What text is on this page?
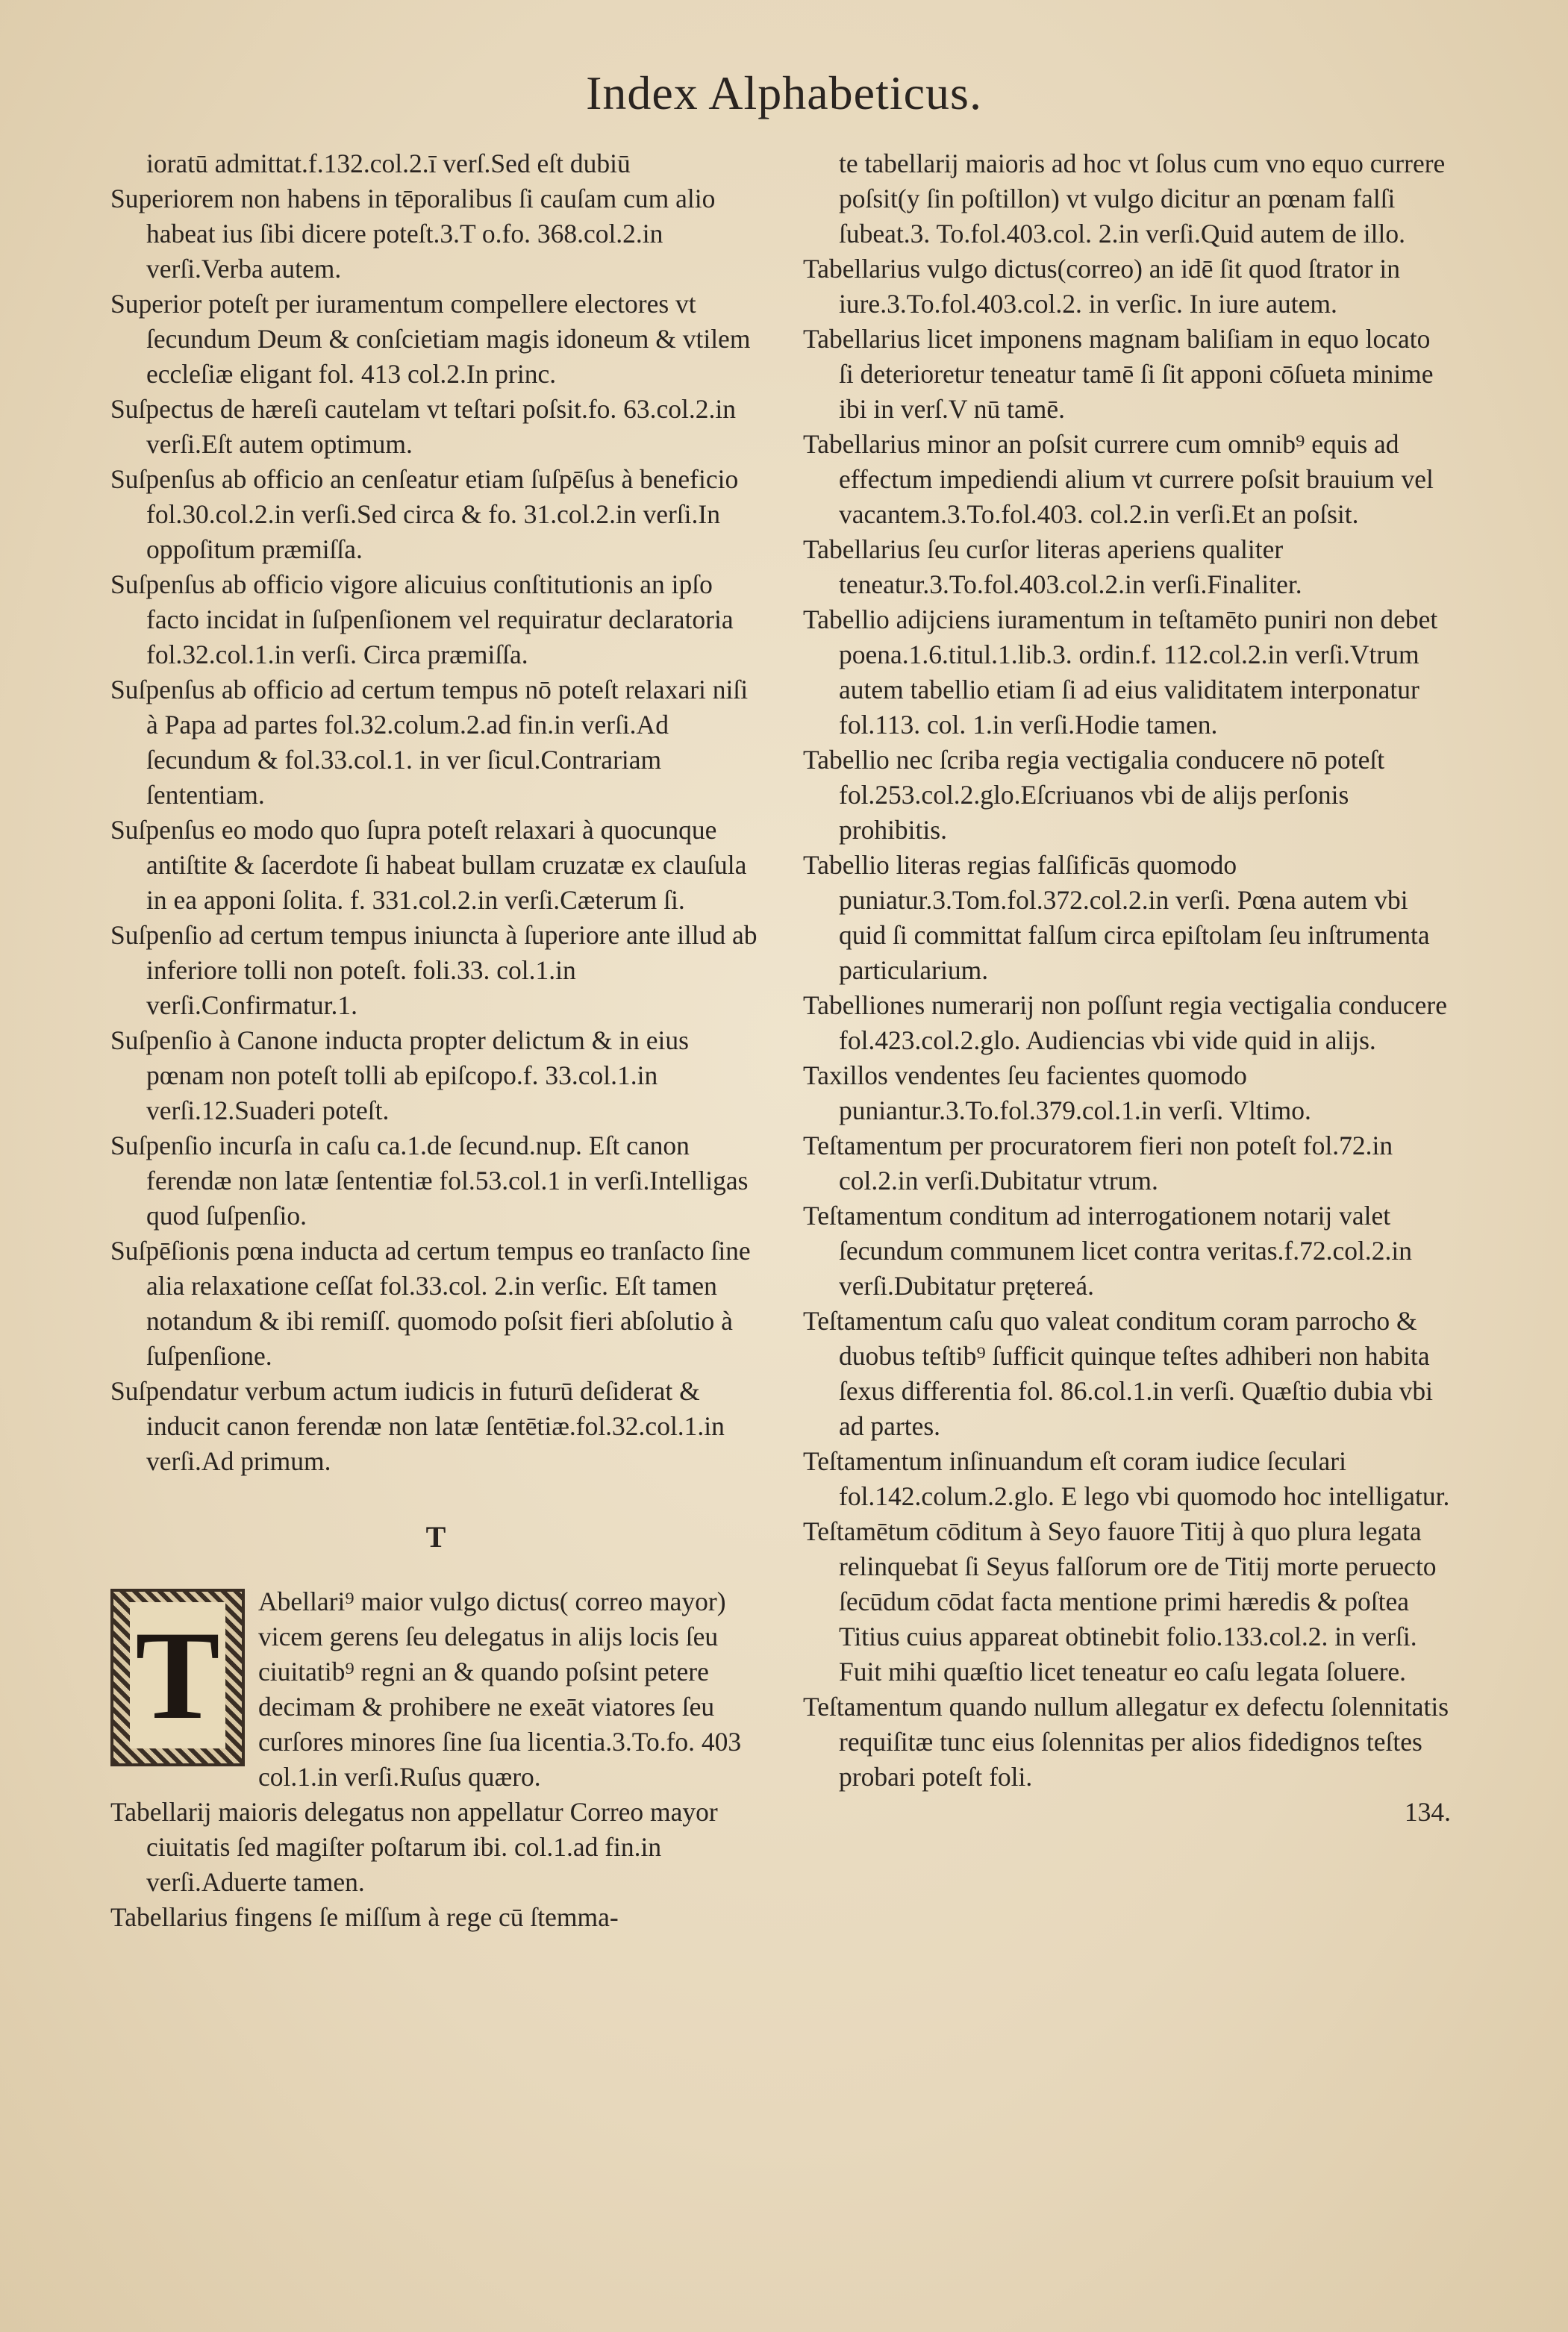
Index Alphabeticus.

ioratū admittat.f.132.col.2.ī verſ.Sed eſt dubiū

Superiorem non habens in tēporalibus ſi cauſam cum alio habeat ius ſibi dicere poteſt.3.T o.fo. 368.col.2.in verſi.Verba autem.

Superior poteſt per iuramentum compellere electores vt ſecundum Deum & conſcietiam magis idoneum & vtilem eccleſiæ eligant fol. 413 col.2.In princ.

Suſpectus de hæreſi cautelam vt teſtari poſsit.fo. 63.col.2.in verſi.Eſt autem optimum.

Suſpenſus ab officio an cenſeatur etiam ſuſpēſus à beneficio fol.30.col.2.in verſi.Sed circa & fo. 31.col.2.in verſi.In oppoſitum præmiſſa.

Suſpenſus ab officio vigore alicuius conſtitutionis an ipſo facto incidat in ſuſpenſionem vel requiratur declaratoria fol.32.col.1.in verſi. Circa præmiſſa.

Suſpenſus ab officio ad certum tempus nō poteſt relaxari niſi à Papa ad partes fol.32.colum.2.ad fin.in verſi.Ad ſecundum & fol.33.col.1. in ver ſicul.Contrariam ſententiam.

Suſpenſus eo modo quo ſupra poteſt relaxari à quocunque antiſtite & ſacerdote ſi habeat bullam cruzatæ ex clauſula in ea apponi ſolita. f. 331.col.2.in verſi.Cæterum ſi.

Suſpenſio ad certum tempus iniuncta à ſuperiore ante illud ab inferiore tolli non poteſt. foli.33. col.1.in verſi.Confirmatur.1.

Suſpenſio à Canone inducta propter delictum & in eius pœnam non poteſt tolli ab epiſcopo.f. 33.col.1.in verſi.12.Suaderi poteſt.

Suſpenſio incurſa in caſu ca.1.de ſecund.nup. Eſt canon ferendæ non latæ ſententiæ fol.53.col.1 in verſi.Intelligas quod ſuſpenſio.

Suſpēſionis pœna inducta ad certum tempus eo tranſacto ſine alia relaxatione ceſſat fol.33.col. 2.in verſic. Eſt tamen notandum & ibi remiſſ. quomodo poſsit fieri abſolutio à ſuſpenſione.

Suſpendatur verbum actum iudicis in futurū deſiderat & inducit canon ferendæ non latæ ſentētiæ.fol.32.col.1.in verſi.Ad primum.

T

T
Abellari⁹ maior vulgo dictus( correo mayor) vicem gerens ſeu delegatus in alijs locis ſeu ciuitatib⁹ regni an & quando poſsint petere decimam & prohibere ne exeāt viatores ſeu curſores minores ſine ſua licentia.3.To.fo. 403 col.1.in verſi.Ruſus quæro.

Tabellarij maioris delegatus non appellatur Correo mayor ciuitatis ſed magiſter poſtarum ibi. col.1.ad fin.in verſi.Aduerte tamen.

Tabellarius fingens ſe miſſum à rege cū ſtemma-

te tabellarij maioris ad hoc vt ſolus cum vno equo currere poſsit(y ſin poſtillon) vt vulgo dicitur an pœnam falſi ſubeat.3. To.fol.403.col. 2.in verſi.Quid autem de illo.

Tabellarius vulgo dictus(correo) an idē ſit quod ſtrator in iure.3.To.fol.403.col.2. in verſic. In iure autem.

Tabellarius licet imponens magnam baliſiam in equo locato ſi deterioretur teneatur tamē ſi ſit apponi cōſueta minime ibi in verſ.V nū tamē.

Tabellarius minor an poſsit currere cum omnib⁹ equis ad effectum impediendi alium vt currere poſsit brauium vel vacantem.3.To.fol.403. col.2.in verſi.Et an poſsit.

Tabellarius ſeu curſor literas aperiens qualiter teneatur.3.To.fol.403.col.2.in verſi.Finaliter.

Tabellio adijciens iuramentum in teſtamēto puniri non debet poena.1.6.titul.1.lib.3. ordin.f. 112.col.2.in verſi.Vtrum autem tabellio etiam ſi ad eius validitatem interponatur fol.113. col. 1.in verſi.Hodie tamen.

Tabellio nec ſcriba regia vectigalia conducere nō poteſt fol.253.col.2.glo.Eſcriuanos vbi de alijs perſonis prohibitis.

Tabellio literas regias falſificās quomodo puniatur.3.Tom.fol.372.col.2.in verſi. Pœna autem vbi quid ſi committat falſum circa epiſtolam ſeu inſtrumenta particularium.

Tabelliones numerarij non poſſunt regia vectigalia conducere fol.423.col.2.glo. Audiencias vbi vide quid in alijs.

Taxillos vendentes ſeu facientes quomodo puniantur.3.To.fol.379.col.1.in verſi. Vltimo.

Teſtamentum per procuratorem fieri non poteſt fol.72.in col.2.in verſi.Dubitatur vtrum.

Teſtamentum conditum ad interrogationem notarij valet ſecundum communem licet contra veritas.f.72.col.2.in verſi.Dubitatur prętereá.

Teſtamentum caſu quo valeat conditum coram parrocho & duobus teſtib⁹ ſufficit quinque teſtes adhiberi non habita ſexus differentia fol. 86.col.1.in verſi. Quæſtio dubia vbi ad partes.

Teſtamentum inſinuandum eſt coram iudice ſeculari fol.142.colum.2.glo. E lego vbi quomodo hoc intelligatur.

Teſtamētum cōditum à Seyo fauore Titij à quo plura legata relinquebat ſi Seyus falſorum ore de Titij morte peruecto ſecūdum cōdat facta mentione primi hæredis & poſtea Titius cuius appareat obtinebit folio.133.col.2. in verſi. Fuit mihi quæſtio licet teneatur eo caſu legata ſoluere.

Teſtamentum quando nullum allegatur ex defectu ſolennitatis requiſitæ tunc eius ſolennitas per alios fidedignos teſtes probari poteſt foli.

134.
